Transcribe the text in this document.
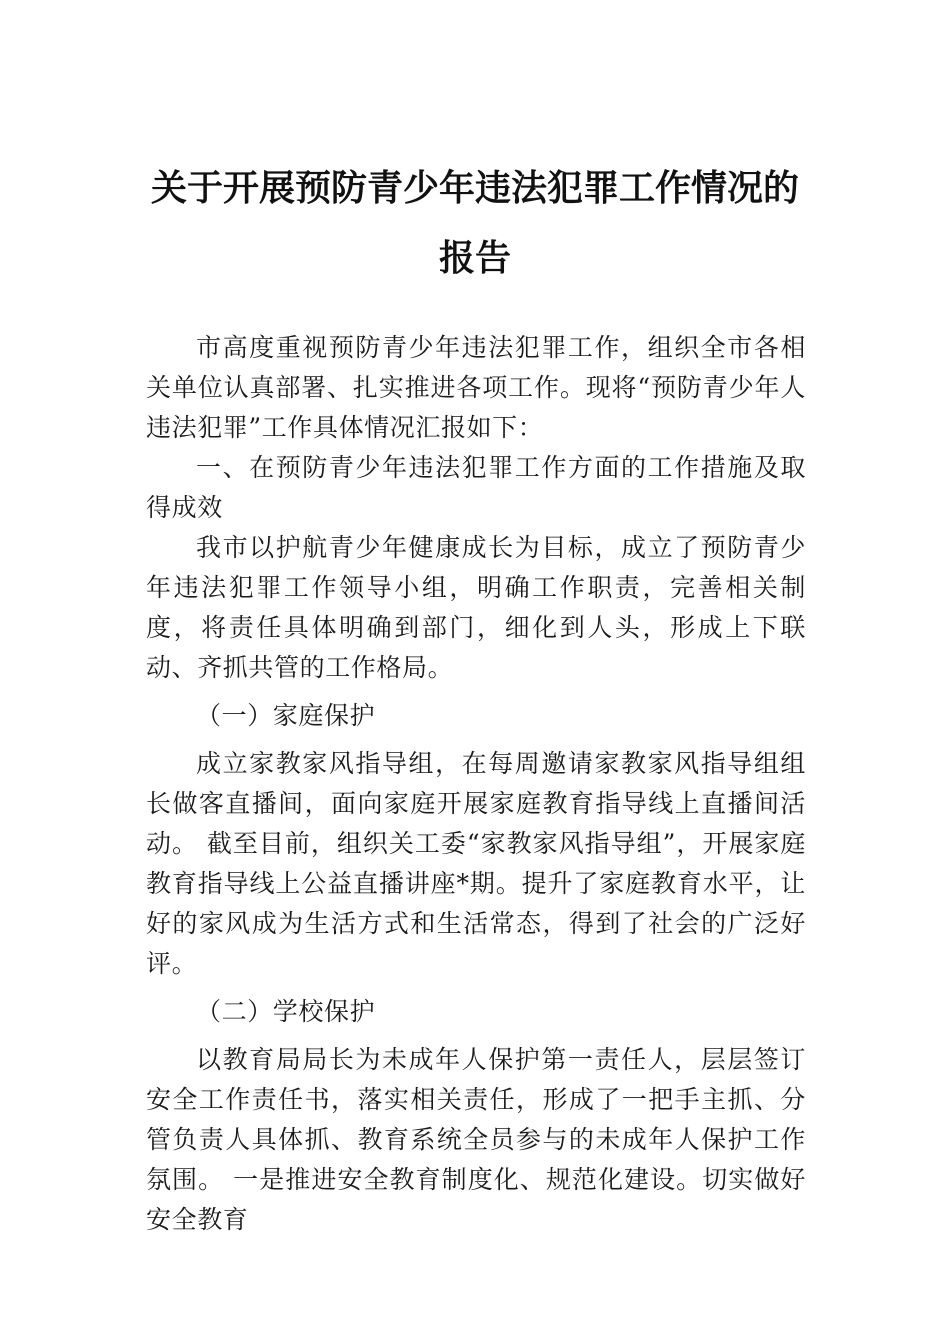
关于开展预防青少年违法犯罪工作情况的
报告

市高度重视预防青少年违法犯罪工作，组织全市各相关单位认真部署、扎实推进各项工作。现将“预防青少年人违法犯罪”工作具体情况汇报如下：

一、在预防青少年违法犯罪工作方面的工作措施及取得成效

我市以护航青少年健康成长为目标，成立了预防青少年违法犯罪工作领导小组，明确工作职责，完善相关制度，将责任具体明确到部门，细化到人头，形成上下联动、齐抓共管的工作格局。

（一）家庭保护

成立家教家风指导组，在每周邀请家教家风指导组组长做客直播间，面向家庭开展家庭教育指导线上直播间活动。 截至目前，组织关工委“家教家风指导组”，开展家庭教育指导线上公益直播讲座*期。提升了家庭教育水平，让好的家风成为生活方式和生活常态，得到了社会的广泛好评。

（二）学校保护

以教育局局长为未成年人保护第一责任人，层层签订安全工作责任书，落实相关责任，形成了一把手主抓、分管负责人具体抓、教育系统全员参与的未成年人保护工作氛围。 一是推进安全教育制度化、规范化建设。切实做好安全教育
